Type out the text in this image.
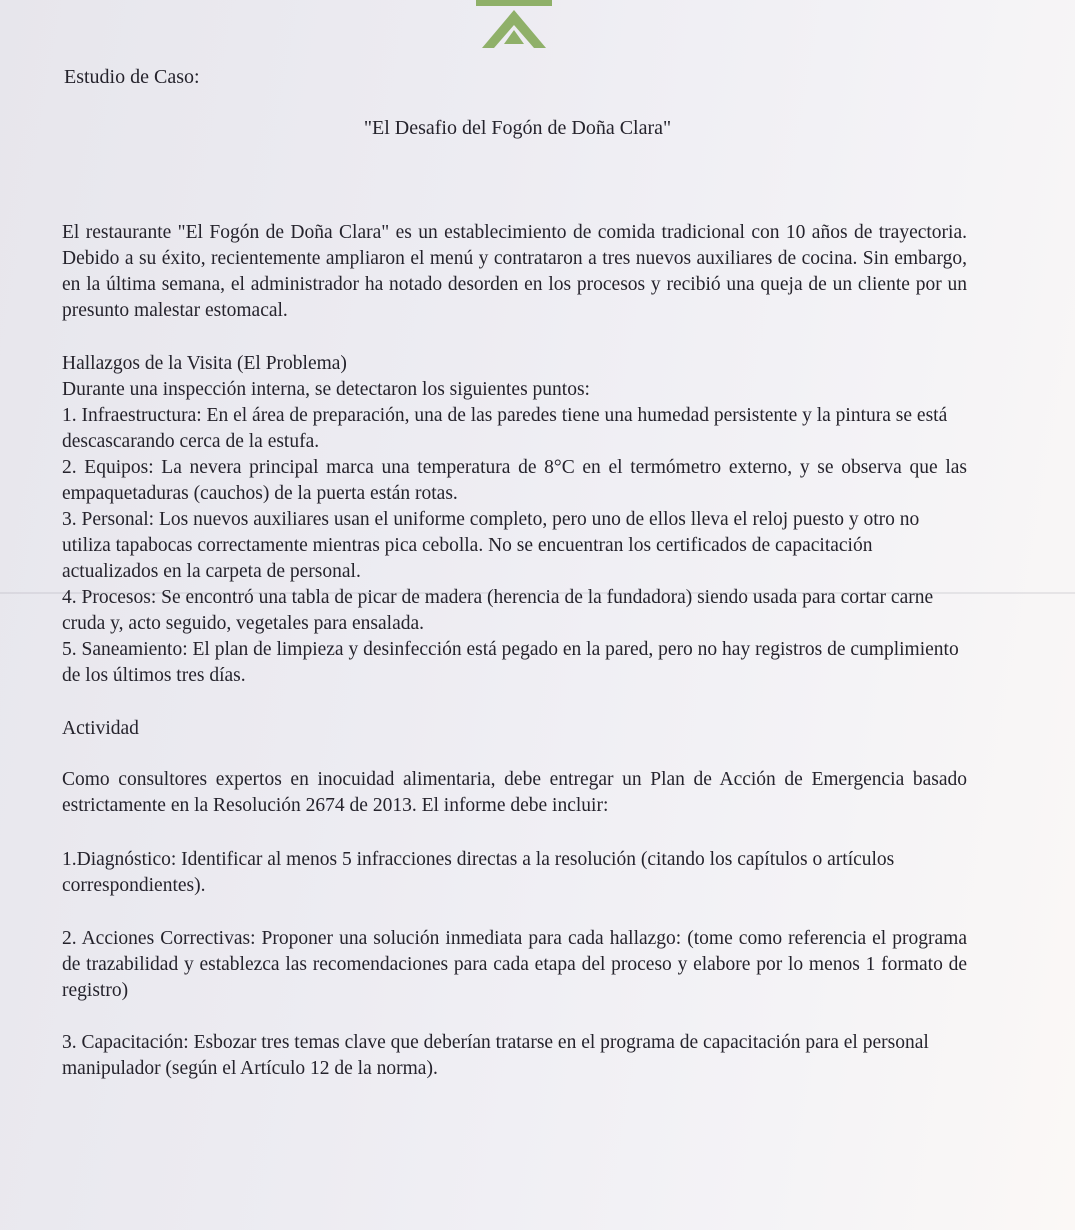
Estudio de Caso:

"El Desafio del Fogón de Doña Clara"

El restaurante "El Fogón de Doña Clara" es un establecimiento de comida tradicional con 10 años de trayectoria. Debido a su éxito, recientemente ampliaron el menú y contrataron a tres nuevos auxiliares de cocina. Sin embargo, en la última semana, el administrador ha notado desorden en los procesos y recibió una queja de un cliente por un presunto malestar estomacal.

Hallazgos de la Visita (El Problema)

Durante una inspección interna, se detectaron los siguientes puntos:

1. Infraestructura: En el área de preparación, una de las paredes tiene una humedad persistente y la pintura se está descascarando cerca de la estufa.

2. Equipos: La nevera principal marca una temperatura de 8°C en el termómetro externo, y se observa que las empaquetaduras (cauchos) de la puerta están rotas.

3. Personal: Los nuevos auxiliares usan el uniforme completo, pero uno de ellos lleva el reloj puesto y otro no utiliza tapabocas correctamente mientras pica cebolla. No se encuentran los certificados de capacitación actualizados en la carpeta de personal.

4. Procesos: Se encontró una tabla de picar de madera (herencia de la fundadora) siendo usada para cortar carne cruda y, acto seguido, vegetales para ensalada.

5. Saneamiento: El plan de limpieza y desinfección está pegado en la pared, pero no hay registros de cumplimiento de los últimos tres días.

Actividad

Como consultores expertos en inocuidad alimentaria, debe entregar un Plan de Acción de Emergencia basado estrictamente en la Resolución 2674 de 2013. El informe debe incluir:

1.Diagnóstico: Identificar al menos 5 infracciones directas a la resolución (citando los capítulos o artículos correspondientes).

2. Acciones Correctivas: Proponer una solución inmediata para cada hallazgo: (tome como referencia el programa de trazabilidad y establezca las recomendaciones para cada etapa del proceso y elabore por lo menos 1 formato de registro)

3. Capacitación: Esbozar tres temas clave que deberían tratarse en el programa de capacitación para el personal manipulador (según el Artículo 12 de la norma).
